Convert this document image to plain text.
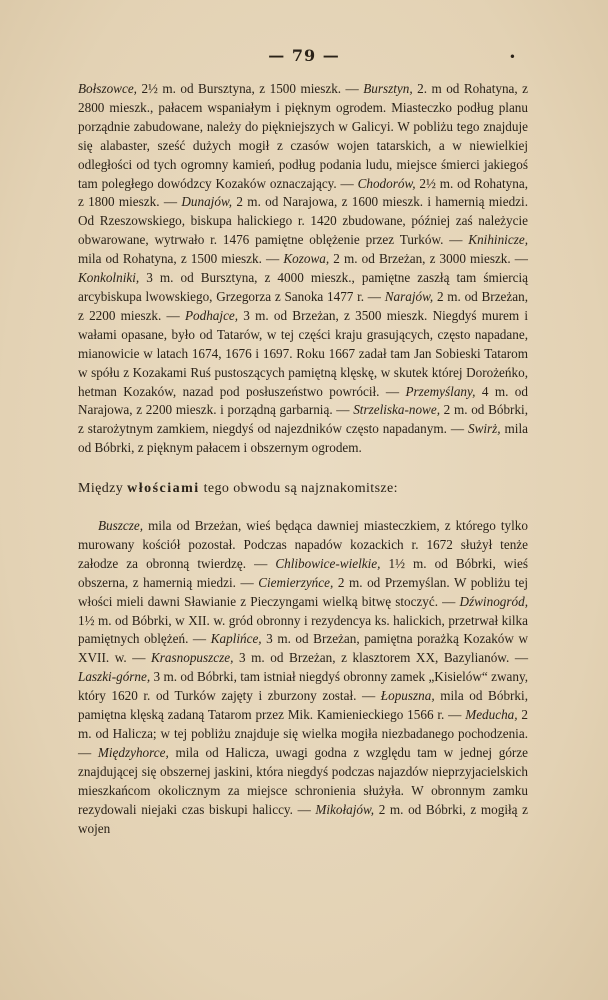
— 79 —	•

Bołszowce, 2½ m. od Bursztyna, z 1500 mieszk. — Bursztyn, 2. m od Rohatyna, z 2800 mieszk., pałacem wspaniałym i pięknym ogrodem. Miasteczko podług planu porządnie zabudowane, należy do piękniejszych w Galicyi. W pobliżu tego znajduje się alabaster, sześć dużych mogił z czasów wojen tatarskich, a w niewielkiej odległości od tych ogromny kamień, podług podania ludu, miejsce śmierci jakiegoś tam poległego dowódzcy Kozaków oznaczający. — Chodorów, 2½ m. od Rohatyna, z 1800 mieszk. — Dunajów, 2 m. od Narajowa, z 1600 mieszk. i hamernią miedzi. Od Rzeszowskiego, biskupa halickiego r. 1420 zbudowane, później zaś należycie obwarowane, wytrwało r. 1476 pamiętne oblężenie przez Turków. — Knihinicze, mila od Rohatyna, z 1500 mieszk. — Kozowa, 2 m. od Brzeżan, z 3000 mieszk. — Konkolniki, 3 m. od Bursztyna, z 4000 mieszk., pamiętne zaszłą tam śmiercią arcybiskupa lwowskiego, Grzegorza z Sanoka 1477 r. — Narajów, 2 m. od Brzeżan, z 2200 mieszk. — Podhajce, 3 m. od Brzeżan, z 3500 mieszk. Niegdyś murem i wałami opasane, było od Tatarów, w tej części kraju grasujących, często napadane, mianowicie w latach 1674, 1676 i 1697. Roku 1667 zadał tam Jan Sobieski Tatarom w spółu z Kozakami Ruś pustoszących pamiętną klęskę, w skutek której Dorożeńko, hetman Kozaków, nazad pod posłuszeństwo powrócił. — Przemyślany, 4 m. od Narajowa, z 2200 mieszk. i porządną garbarnią. — Strzeliska-nowe, 2 m. od Bóbrki, z starożytnym zamkiem, niegdyś od najezdników często napadanym. — Swirż, mila od Bóbrki, z pięknym pałacem i obszernym ogrodem.

Między włościami tego obwodu są najznakomitsze:

Buszcze, mila od Brzeżan, wieś będąca dawniej miasteczkiem, z którego tylko murowany kościół pozostał. Podczas napadów kozackich r. 1672 służył tenże załodze za obronną twierdzę. — Chlibowice-wielkie, 1½ m. od Bóbrki, wieś obszerna, z hamernią miedzi. — Ciemierzyńce, 2 m. od Przemyślan. W pobliżu tej włości mieli dawni Sławianie z Pieczyngami wielką bitwę stoczyć. — Dźwinogród, 1½ m. od Bóbrki, w XII. w. gród obronny i rezydencya ks. halickich, przetrwał kilka pamiętnych oblężeń. — Kaplińce, 3 m. od Brzeżan, pamiętna porażką Kozaków w XVII. w. — Krasnopuszcze, 3 m. od Brzeżan, z klasztorem XX, Bazylianów. — Laszki-górne, 3 m. od Bóbrki, tam istniał niegdyś obronny zamek „Kisielów“ zwany, który 1620 r. od Turków zajęty i zburzony został. — Łopuszna, mila od Bóbrki, pamiętna klęską zadaną Tatarom przez Mik. Kamienieckiego 1566 r. — Meducha, 2 m. od Halicza; w tej pobliżu znajduje się wielka mogiła niezbadanego pochodzenia. — Międzyhorce, mila od Halicza, uwagi godna z względu tam w jednej górze znajdującej się obszernej jaskini, która niegdyś podczas najazdów nieprzyjacielskich mieszkańcom okolicznym za miejsce schronienia służyła. W obronnym zamku rezydowali niejaki czas biskupi haliccy. — Mikołajów, 2 m. od Bóbrki, z mogiłą z wojen
